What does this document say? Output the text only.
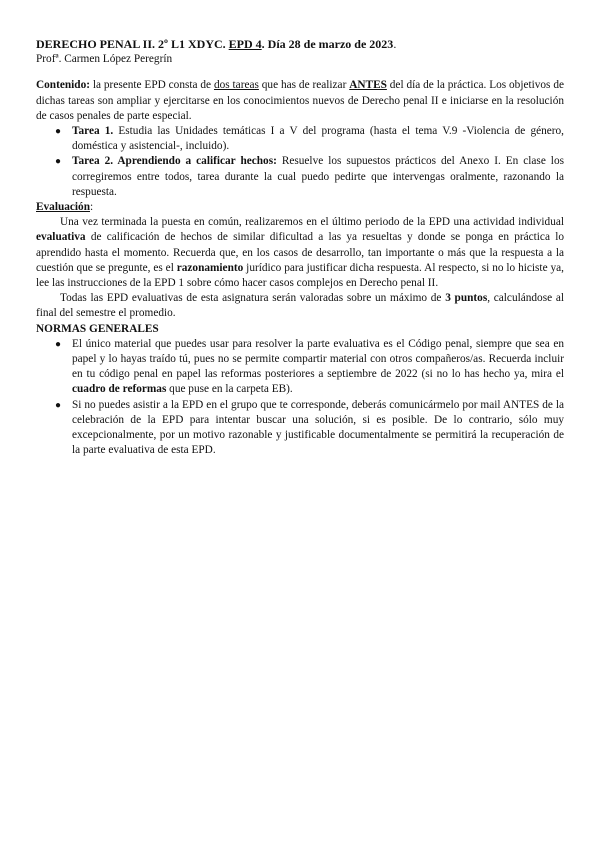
DERECHO PENAL II. 2º L1 XDYC. EPD 4. Día 28 de marzo de 2023.

Profª. Carmen López Peregrín

Contenido: la presente EPD consta de dos tareas que has de realizar ANTES del día de la práctica. Los objetivos de dichas tareas son ampliar y ejercitarse en los conocimientos nuevos de Derecho penal II e iniciarse en la resolución de casos penales de parte especial.

● Tarea 1. Estudia las Unidades temáticas I a V del programa (hasta el tema V.9 -Violencia de género, doméstica y asistencial-, incluido).
● Tarea 2. Aprendiendo a calificar hechos: Resuelve los supuestos prácticos del Anexo I. En clase los corregiremos entre todos, tarea durante la cual puedo pedirte que intervengas oralmente, razonando la respuesta.

Evaluación:

Una vez terminada la puesta en común, realizaremos en el último periodo de la EPD una actividad individual evaluativa de calificación de hechos de similar dificultad a las ya resueltas y donde se ponga en práctica lo aprendido hasta el momento. Recuerda que, en los casos de desarrollo, tan importante o más que la respuesta a la cuestión que se pregunte, es el razonamiento jurídico para justificar dicha respuesta. Al respecto, si no lo hiciste ya, lee las instrucciones de la EPD 1 sobre cómo hacer casos complejos en Derecho penal II.

Todas las EPD evaluativas de esta asignatura serán valoradas sobre un máximo de 3 puntos, calculándose al final del semestre el promedio.

NORMAS GENERALES

● El único material que puedes usar para resolver la parte evaluativa es el Código penal, siempre que sea en papel y lo hayas traído tú, pues no se permite compartir material con otros compañeros/as. Recuerda incluir en tu código penal en papel las reformas posteriores a septiembre de 2022 (si no lo has hecho ya, mira el cuadro de reformas que puse en la carpeta EB).
● Si no puedes asistir a la EPD en el grupo que te corresponde, deberás comunicármelo por mail ANTES de la celebración de la EPD para intentar buscar una solución, si es posible. De lo contrario, sólo muy excepcionalmente, por un motivo razonable y justificable documentalmente se permitirá la recuperación de la parte evaluativa de esta EPD.
